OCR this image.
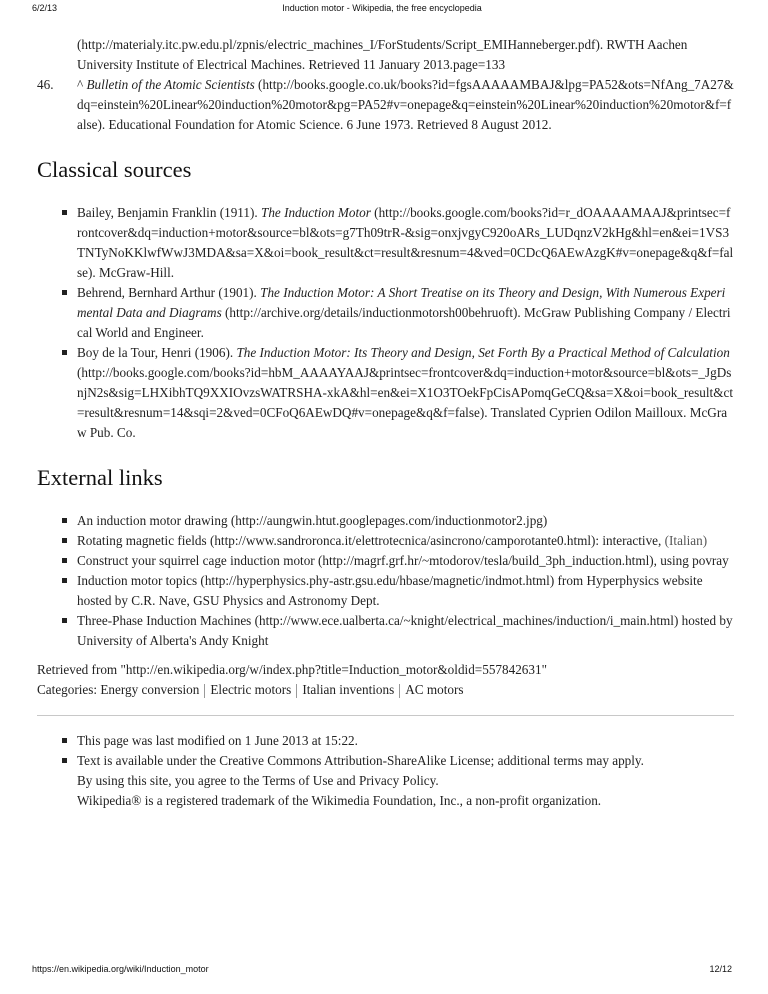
6/2/13	Induction motor - Wikipedia, the free encyclopedia
(http://materialy.itc.pw.edu.pl/zpnis/electric_machines_I/ForStudents/Script_EMIHanneberger.pdf). RWTH Aachen
University Institute of Electrical Machines. Retrieved 11 January 2013.page=133
46. ^ Bulletin of the Atomic Scientists (http://books.google.co.uk/books?id=fgsAAAAAMBAJ&lpg=PA52&ots=NfAng_7A27&dq=einstein%20Linear%20induction%20motor&pg=PA52#v=onepage&q=einstein%20Linear%20induction%20motor&f=false). Educational Foundation for Atomic Science. 6 June 1973. Retrieved 8 August 2012.
Classical sources
Bailey, Benjamin Franklin (1911). The Induction Motor (http://books.google.com/books?id=r_dOAAAAMAAJ&printsec=frontcover&dq=induction+motor&source=bl&ots=g7Th09trR-&sig=onxjvgyC920oARs_LUDqnzV2kHg&hl=en&ei=1VS3TNTyNoKKlwfWwJ3MDA&sa=X&oi=book_result&ct=result&resnum=4&ved=0CDcQ6AEwAzgK#v=onepage&q&f=false). McGraw-Hill.
Behrend, Bernhard Arthur (1901). The Induction Motor: A Short Treatise on its Theory and Design, With Numerous Experimental Data and Diagrams (http://archive.org/details/inductionmotorsh00behruoft). McGraw Publishing Company / Electrical World and Engineer.
Boy de la Tour, Henri (1906). The Induction Motor: Its Theory and Design, Set Forth By a Practical Method of Calculation (http://books.google.com/books?id=hbM_AAAAYAAJ&printsec=frontcover&dq=induction+motor&source=bl&ots=_JgDsnjN2s&sig=LHXibhTQ9XXIOvzsWATRSHA-xkA&hl=en&ei=X1O3TOekFpCisAPomqGeCQ&sa=X&oi=book_result&ct=result&resnum=14&sqi=2&ved=0CFoQ6AEwDQ#v=onepage&q&f=false). Translated Cyprien Odilon Mailloux. McGraw Pub. Co.
External links
An induction motor drawing (http://aungwin.htut.googlepages.com/inductionmotor2.jpg)
Rotating magnetic fields (http://www.sandroronca.it/elettrotecnica/asincrono/camporotante0.html): interactive, (Italian)
Construct your squirrel cage induction motor (http://magrf.grf.hr/~mtodorov/tesla/build_3ph_induction.html), using povray
Induction motor topics (http://hyperphysics.phy-astr.gsu.edu/hbase/magnetic/indmot.html) from Hyperphysics website hosted by C.R. Nave, GSU Physics and Astronomy Dept.
Three-Phase Induction Machines (http://www.ece.ualberta.ca/~knight/electrical_machines/induction/i_main.html) hosted by University of Alberta's Andy Knight
Retrieved from "http://en.wikipedia.org/w/index.php?title=Induction_motor&oldid=557842631"
Categories: Energy conversion Electric motors Italian inventions AC motors
This page was last modified on 1 June 2013 at 15:22.
Text is available under the Creative Commons Attribution-ShareAlike License; additional terms may apply.
By using this site, you agree to the Terms of Use and Privacy Policy.
Wikipedia® is a registered trademark of the Wikimedia Foundation, Inc., a non-profit organization.
https://en.wikipedia.org/wiki/Induction_motor	12/12
